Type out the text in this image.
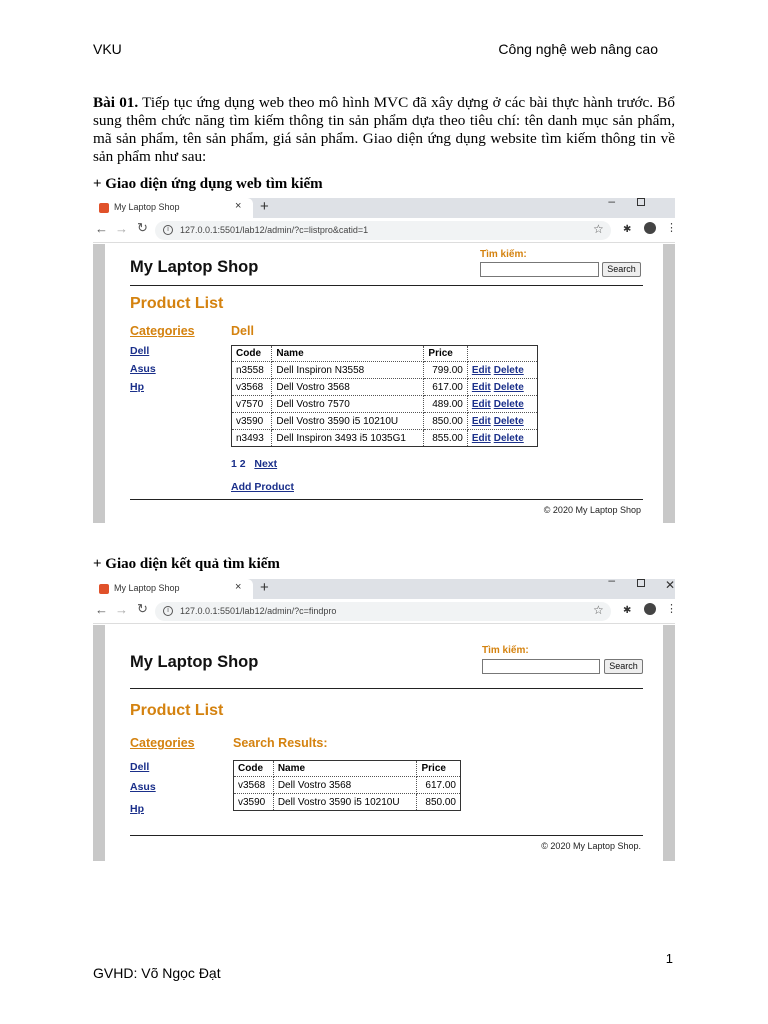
VKU	Công nghệ web nâng cao
Bài 01. Tiếp tục ứng dụng web theo mô hình MVC đã xây dựng ở các bài thực hành trước. Bổ sung thêm chức năng tìm kiếm thông tin sản phẩm dựa theo tiêu chí: tên danh mục sản phẩm, mã sản phẩm, tên sản phẩm, giá sản phẩm. Giao diện ứng dụng website tìm kiếm thông tin về sản phẩm như sau:
+ Giao diện ứng dụng web tìm kiếm
My Laptop Shop	× +	–
← → ↻	i	127.0.0.1:5501/lab12/admin/?c=listpro&catid=1	☆ ✱	⋮
My Laptop Shop
Tìm kiếm:
Search
Product List
Categories
Dell
Asus
Hp
Dell
Code	Name	Price	
n3558	Dell Inspiron N3558	799.00	Edit Delete
v3568	Dell Vostro 3568	617.00	Edit Delete
v7570	Dell Vostro 7570	489.00	Edit Delete
v3590	Dell Vostro 3590 i5 10210U	850.00	Edit Delete
n3493	Dell Inspiron 3493 i5 1035G1	855.00	Edit Delete
1 2 Next
Add Product
© 2020 My Laptop Shop
+ Giao diện kết quả tìm kiếm
My Laptop Shop	× +	–	✕
← → ↻	i	127.0.0.1:5501/lab12/admin/?c=findpro	☆ ✱	⋮
My Laptop Shop
Tìm kiếm:
Search
Product List
Categories
Dell
Asus
Hp
Search Results:
Code	Name	Price
v3568	Dell Vostro 3568	617.00
v3590	Dell Vostro 3590 i5 10210U	850.00
© 2020 My Laptop Shop.
1
GVHD: Võ Ngọc Đạt
